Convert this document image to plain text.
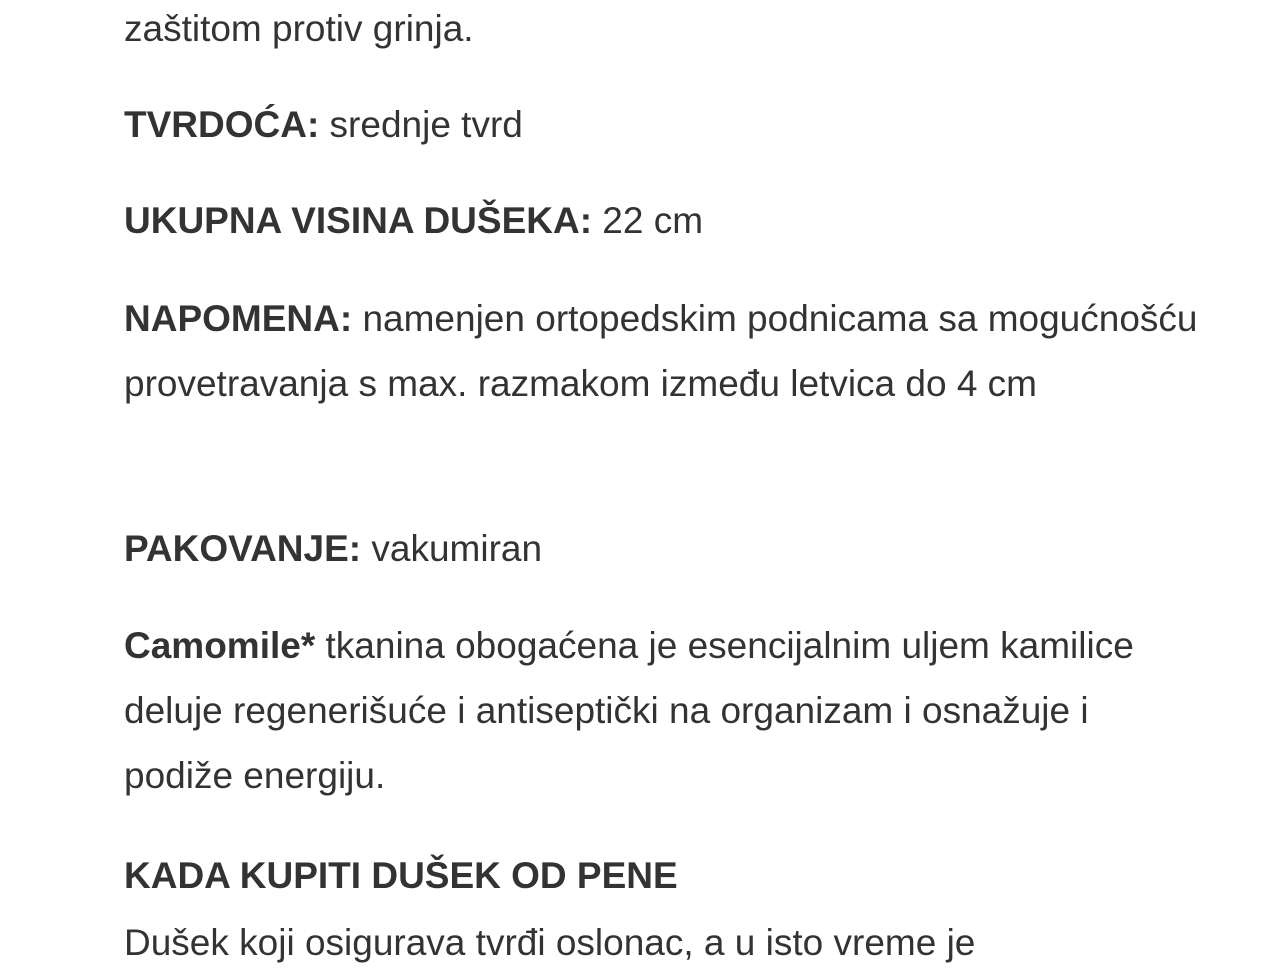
zaštitom protiv grinja.

TVRDOĆA: srednje tvrd

UKUPNA VISINA DUŠEKA: 22 cm

NAPOMENA: namenjen ortopedskim podnicama sa mogućnošću provetravanja s max. razmakom između letvica do 4 cm

PAKOVANJE: vakumiran

Camomile* tkanina obogaćena je esencijalnim uljem kamilice deluje regenerišuće i antiseptički na organizam i osnažuje i podiže energiju.

KADA KUPITI DUŠEK OD PENE

Dušek koji osigurava tvrđi oslonac, a u isto vreme je
